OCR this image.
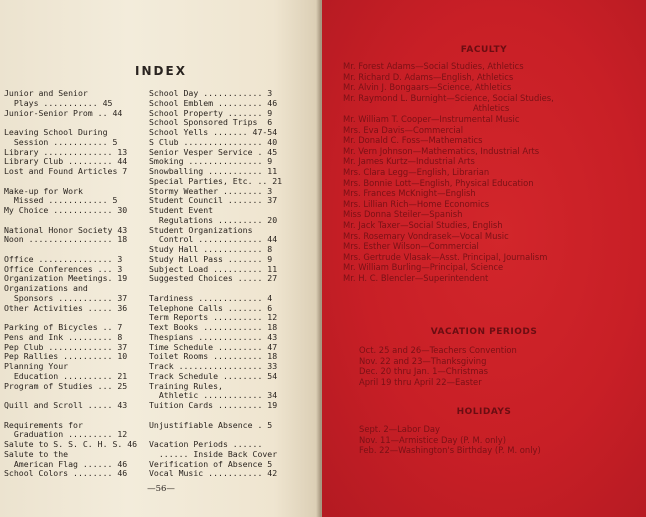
INDEX
Junior and Senior
Plays ........... 45
Junior-Senior Prom .. 44
Leaving School During
Session ........... 5
Library .............. 13
Library Club ......... 44
Lost and Found Articles 7
Make-up for Work
Missed ............ 5
My Choice ............ 30
National Honor Society 43
Noon ................. 18
Office ............... 3
Office Conferences ... 3
Organization Meetings. 19
Organizations and
Sponsors ........... 37
Other Activities ..... 36
Parking of Bicycles .. 7
Pens and Ink ......... 8
Pep Club ............. 37
Pep Rallies .......... 10
Planning Your
Education .......... 21
Program of Studies ... 25
Quill and Scroll ..... 43
Requirements for
Graduation ......... 12
Salute to S. S. C. H. S. 46
Salute to the
American Flag ...... 46
School Colors ........ 46
School Day ............ 3
School Emblem ......... 46
School Property ....... 9
School Sponsored Trips  6
School Yells ....... 47-54
S Club ................ 40
Senior Vesper Service . 45
Smoking ............... 9
Snowballing ........... 11
Special Parties, Etc. .. 21
Stormy Weather ........ 3
Student Council ....... 37
Student Event
Regulations ......... 20
Student Organizations
Control ............. 44
Study Hall ............ 8
Study Hall Pass ....... 9
Subject Load .......... 11
Suggested Choices ..... 27
Tardiness ............. 4
Telephone Calls ....... 6
Term Reports .......... 12
Text Books ............ 18
Thespians ............. 43
Time Schedule ......... 47
Toilet Rooms .......... 18
Track ................. 33
Track Schedule ........ 54
Training Rules,
Athletic ............ 34
Tuition Cards ......... 19
Unjustifiable Absence . 5
Vacation Periods ......
...... Inside Back Cover
Verification of Absence 5
Vocal Music ........... 42
—56—
FACULTY
Mr. Forest Adams—Social Studies, Athletics
Mr. Richard D. Adams—English, Athletics
Mr. Alvin J. Bongaars—Science, Athletics
Mr. Raymond L. Burnight—Science, Social Studies,
Athletics
Mr. William T. Cooper—Instrumental Music
Mrs. Eva Davis—Commercial
Mr. Donald C. Foss—Mathematics
Mr. Vern Johnson—Mathematics, Industrial Arts
Mr. James Kurtz—Industrial Arts
Mrs. Clara Legg—English, Librarian
Mrs. Bonnie Lott—English, Physical Education
Mrs. Frances McKnight—English
Mrs. Lillian Rich—Home Economics
Miss Donna Steiler—Spanish
Mr. Jack Taxer—Social Studies, English
Mrs. Rosemary Vondrasek—Vocal Music
Mrs. Esther Wilson—Commercial
Mrs. Gertrude Vlasak—Asst. Principal, Journalism
Mr. William Burling—Principal, Science
Mr. H. C. Blencler—Superintendent
VACATION PERIODS
Oct. 25 and 26—Teachers Convention
Nov. 22 and 23—Thanksgiving
Dec. 20 thru Jan. 1—Christmas
April 19 thru April 22—Easter
HOLIDAYS
Sept. 2—Labor Day
Nov. 11—Armistice Day (P. M. only)
Feb. 22—Washington's Birthday (P. M. only)
